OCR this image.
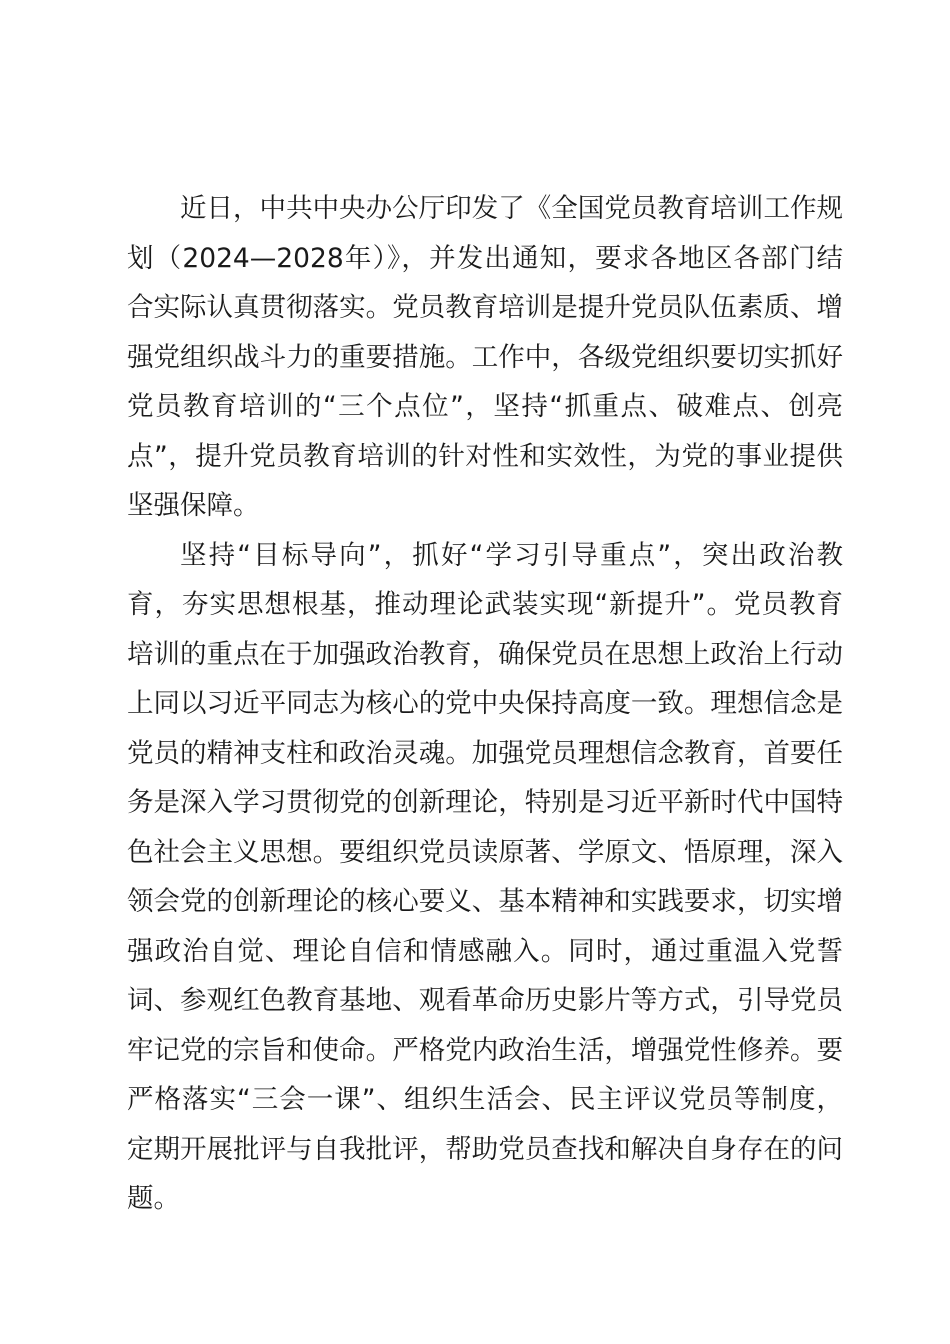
近日，中共中央办公厅印发了《全国党员教育培训工作规划（2024—2028年）》，并发出通知，要求各地区各部门结合实际认真贯彻落实。党员教育培训是提升党员队伍素质、增强党组织战斗力的重要措施。工作中，各级党组织要切实抓好党员教育培训的“三个点位”，坚持“抓重点、破难点、创亮点”，提升党员教育培训的针对性和实效性，为党的事业提供坚强保障。

坚持“目标导向”，抓好“学习引导重点”，突出政治教育，夯实思想根基，推动理论武装实现“新提升”。党员教育培训的重点在于加强政治教育，确保党员在思想上政治上行动上同以习近平同志为核心的党中央保持高度一致。理想信念是党员的精神支柱和政治灵魂。加强党员理想信念教育，首要任务是深入学习贯彻党的创新理论，特别是习近平新时代中国特色社会主义思想。要组织党员读原著、学原文、悟原理，深入领会党的创新理论的核心要义、基本精神和实践要求，切实增强政治自觉、理论自信和情感融入。同时，通过重温入党誓词、参观红色教育基地、观看革命历史影片等方式，引导党员牢记党的宗旨和使命。严格党内政治生活，增强党性修养。要严格落实“三会一课”、组织生活会、民主评议党员等制度，定期开展批评与自我批评，帮助党员查找和解决自身存在的问题。
